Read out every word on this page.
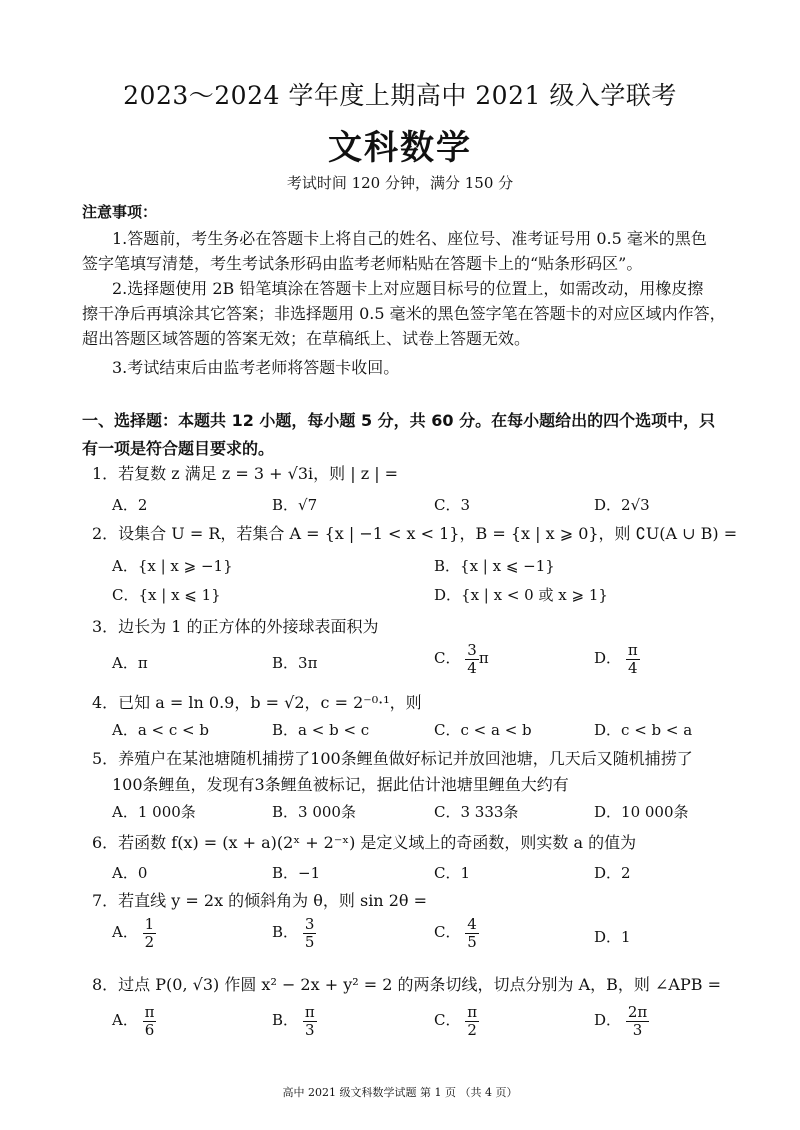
2023～2024 学年度上期高中 2021 级入学联考
文科数学
考试时间 120 分钟，满分 150 分
注意事项：
1.答题前，考生务必在答题卡上将自己的姓名、座位号、准考证号用 0.5 毫米的黑色
签字笔填写清楚，考生考试条形码由监考老师粘贴在答题卡上的“贴条形码区”。
2.选择题使用 2B 铅笔填涂在答题卡上对应题目标号的位置上，如需改动，用橡皮擦
擦干净后再填涂其它答案；非选择题用 0.5 毫米的黑色签字笔在答题卡的对应区域内作答，
超出答题区域答题的答案无效；在草稿纸上、试卷上答题无效。
3.考试结束后由监考老师将答题卡收回。
一、选择题：本题共 12 小题，每小题 5 分，共 60 分。在每小题给出的四个选项中，只有一项是符合题目要求的。
1．若复数 z 满足 z = 3 + √3i，则 | z | =
A．2	B．√7	C．3	D．2√3
2．设集合 U = R，若集合 A = {x | −1 < x < 1}，B = {x | x ⩾ 0}，则 ∁U(A ∪ B) =
A．{x | x ⩾ −1}	B．{x | x ⩽ −1}
C．{x | x ⩽ 1}	D．{x | x < 0 或 x ⩾ 1}
3．边长为 1 的正方体的外接球表面积为
A．π	B．3π	C． $\frac{3}{4}$ π	D． $\frac{\pi}{4}$
4．已知 a = ln 0.9，b = √2，c = 2⁻⁰·¹，则
A．a < c < b	B．a < b < c	C．c < a < b	D．c < b < a
5．养殖户在某池塘随机捕捞了100条鲤鱼做好标记并放回池塘，几天后又随机捕捞了
100条鲤鱼，发现有3条鲤鱼被标记，据此估计池塘里鲤鱼大约有
A．1 000条	B．3 000条	C．3 333条	D．10 000条
6．若函数 f(x) = (x + a)(2ˣ + 2⁻ˣ) 是定义域上的奇函数，则实数 a 的值为
A．0	B．−1	C．1	D．2
7．若直线 y = 2x 的倾斜角为 θ，则 sin 2θ =
A． $\frac{1}{2}$	B． $\frac{3}{5}$	C． $\frac{4}{5}$	D．1
8．过点 P(0, √3) 作圆 x² − 2x + y² = 2 的两条切线，切点分别为 A，B，则 ∠APB =
A． $\frac{\pi}{6}$	B． $\frac{\pi}{3}$	C． $\frac{\pi}{2}$	D． $\frac{2\pi}{3}$
高中 2021 级文科数学试题 第 1 页 （共 4 页）
